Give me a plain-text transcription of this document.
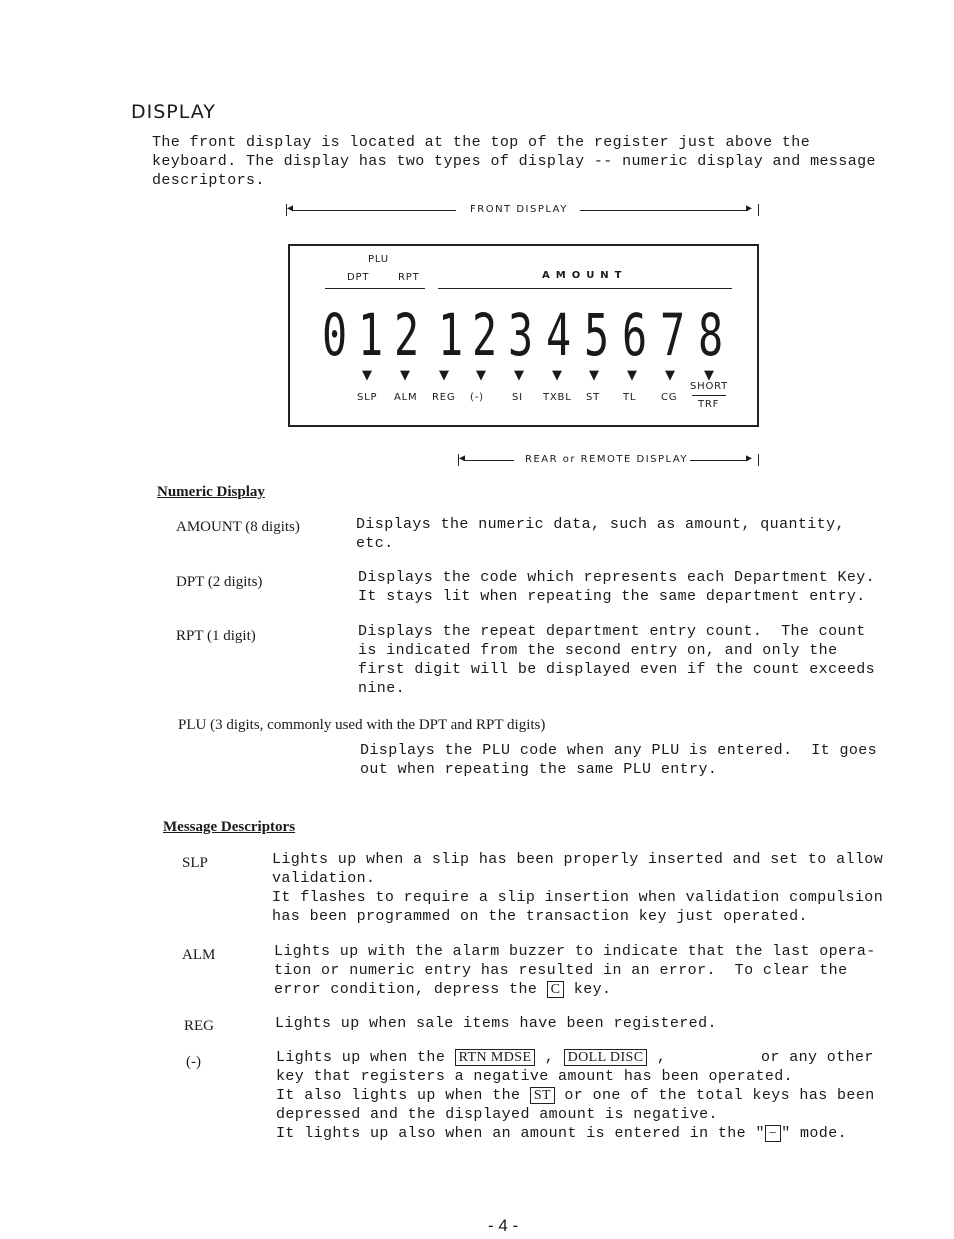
DISPLAY
The front display is located at the top of the register just above the
keyboard. The display has two types of display -- numeric display and message
descriptors.
◀	FRONT DISPLAY	▶
PLU
DPT	RPT	AMOUNT
0 1 2 1 2 3 4 5 6 7 8
▼ ▼ ▼ ▼ ▼ ▼ ▼ ▼ ▼ ▼
SLP ALM REG (-)	SI TXBL ST TL CG
SHORT
TRF
◀	REAR or REMOTE DISPLAY	▶
Numeric Display
AMOUNT (8 digits)	Displays the numeric data, such as amount, quantity,
etc.
DPT (2 digits)	Displays the code which represents each Department Key.
It stays lit when repeating the same department entry.
RPT (1 digit)	Displays the repeat department entry count.  The count
is indicated from the second entry on, and only the
first digit will be displayed even if the count exceeds
nine.
PLU (3 digits, commonly used with the DPT and RPT digits)
Displays the PLU code when any PLU is entered.  It goes
out when repeating the same PLU entry.
Message Descriptors
SLP	Lights up when a slip has been properly inserted and set to allow
validation.
It flashes to require a slip insertion when validation compulsion
has been programmed on the transaction key just operated.
ALM	Lights up with the alarm buzzer to indicate that the last opera-
tion or numeric entry has resulted in an error.  To clear the
error condition, depress the C key.
REG	Lights up when sale items have been registered.
(-)	Lights up when the RTN MDSE , DOLL DISC ,	or any other
key that registers a negative amount has been operated.
It also lights up when the ST or one of the total keys has been
depressed and the displayed amount is negative.
It lights up also when an amount is entered in the " − " mode.
- 4 -
